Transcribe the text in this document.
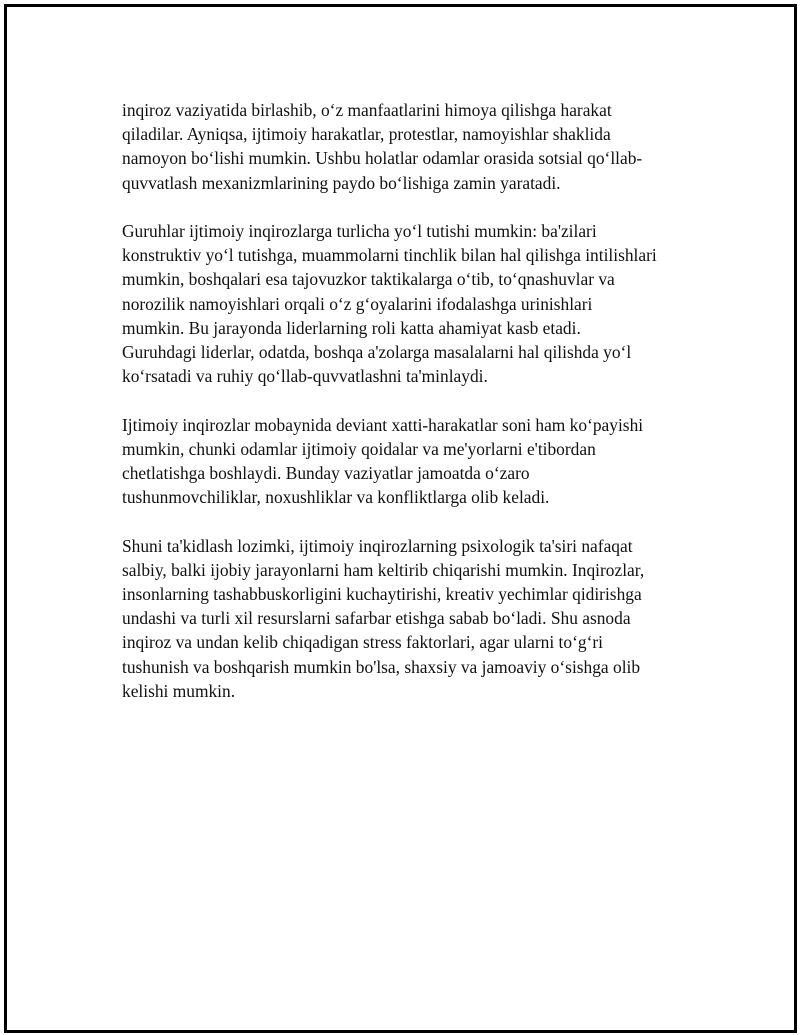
inqiroz vaziyatida birlashib, o‘z manfaatlarini himoya qilishga harakat
qiladilar. Ayniqsa, ijtimoiy harakatlar, protestlar, namoyishlar shaklida
namoyon bo‘lishi mumkin. Ushbu holatlar odamlar orasida sotsial qo‘llab-
quvvatlash mexanizmlarining paydo bo‘lishiga zamin yaratadi.

Guruhlar ijtimoiy inqirozlarga turlicha yo‘l tutishi mumkin: ba'zilari
konstruktiv yo‘l tutishga, muammolarni tinchlik bilan hal qilishga intilishlari
mumkin, boshqalari esa tajovuzkor taktikalarga o‘tib, to‘qnashuvlar va
norozilik namoyishlari orqali o‘z g‘oyalarini ifodalashga urinishlari
mumkin. Bu jarayonda liderlarning roli katta ahamiyat kasb etadi.
Guruhdagi liderlar, odatda, boshqa a'zolarga masalalarni hal qilishda yo‘l
ko‘rsatadi va ruhiy qo‘llab-quvvatlashni ta'minlaydi.

Ijtimoiy inqirozlar mobaynida deviant xatti-harakatlar soni ham ko‘payishi
mumkin, chunki odamlar ijtimoiy qoidalar va me'yorlarni e'tibordan
chetlatishga boshlaydi. Bunday vaziyatlar jamoatda o‘zaro
tushunmovchiliklar, noxushliklar va konfliktlarga olib keladi.

Shuni ta'kidlash lozimki, ijtimoiy inqirozlarning psixologik ta'siri nafaqat
salbiy, balki ijobiy jarayonlarni ham keltirib chiqarishi mumkin. Inqirozlar,
insonlarning tashabbuskorligini kuchaytirishi, kreativ yechimlar qidirishga
undashi va turli xil resurslarni safarbar etishga sabab bo‘ladi. Shu asnoda
inqiroz va undan kelib chiqadigan stress faktorlari, agar ularni to‘g‘ri
tushunish va boshqarish mumkin bo'lsa, shaxsiy va jamoaviy o‘sishga olib
kelishi mumkin.
